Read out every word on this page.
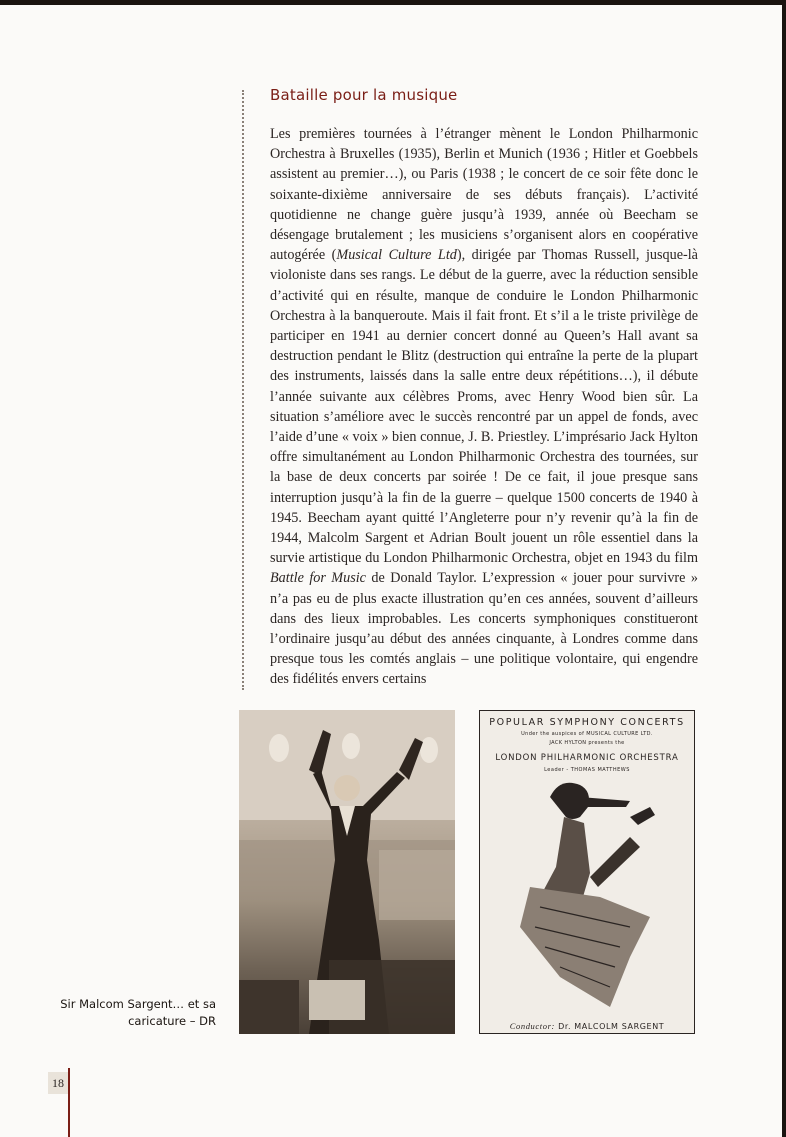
Bataille pour la musique
Les premières tournées à l’étranger mènent le London Philharmonic Orchestra à Bruxelles (1935), Berlin et Munich (1936 ; Hitler et Goebbels assistent au premier…), ou Paris (1938 ; le concert de ce soir fête donc le soixante-dixième anniversaire de ses débuts français). L’activité quotidienne ne change guère jusqu’à 1939, année où Beecham se désengage brutalement ; les musiciens s’organisent alors en coopérative autogérée (Musical Culture Ltd), dirigée par Thomas Russell, jusque-là violoniste dans ses rangs. Le début de la guerre, avec la réduction sensible d’activité qui en résulte, manque de conduire le London Philharmonic Orchestra à la banqueroute. Mais il fait front. Et s’il a le triste privilège de participer en 1941 au dernier concert donné au Queen’s Hall avant sa destruction pendant le Blitz (destruction qui entraîne la perte de la plupart des instruments, laissés dans la salle entre deux répétitions…), il débute l’année suivante aux célèbres Proms, avec Henry Wood bien sûr. La situation s’améliore avec le succès rencontré par un appel de fonds, avec l’aide d’une « voix » bien connue, J. B. Priestley. L’imprésario Jack Hylton offre simultanément au London Philharmonic Orchestra des tournées, sur la base de deux concerts par soirée ! De ce fait, il joue presque sans interruption jusqu’à la fin de la guerre – quelque 1500 concerts de 1940 à 1945. Beecham ayant quitté l’Angleterre pour n’y revenir qu’à la fin de 1944, Malcolm Sargent et Adrian Boult jouent un rôle essentiel dans la survie artistique du London Philharmonic Orchestra, objet en 1943 du film Battle for Music de Donald Taylor. L’expression « jouer pour survivre » n’a pas eu de plus exacte illustration qu’en ces années, souvent d’ailleurs dans des lieux improbables. Les concerts symphoniques constitueront l’ordinaire jusqu’au début des années cinquante, à Londres comme dans presque tous les comtés anglais – une politique volontaire, qui engendre des fidélités envers certains
POPULAR SYMPHONY CONCERTS
Under the auspices of MUSICAL CULTURE LTD.
JACK HYLTON presents the
LONDON PHILHARMONIC ORCHESTRA
Leader - THOMAS MATTHEWS
Conductor: Dr. MALCOLM SARGENT
Sir Malcom Sargent… et sa
caricature – DR
18
